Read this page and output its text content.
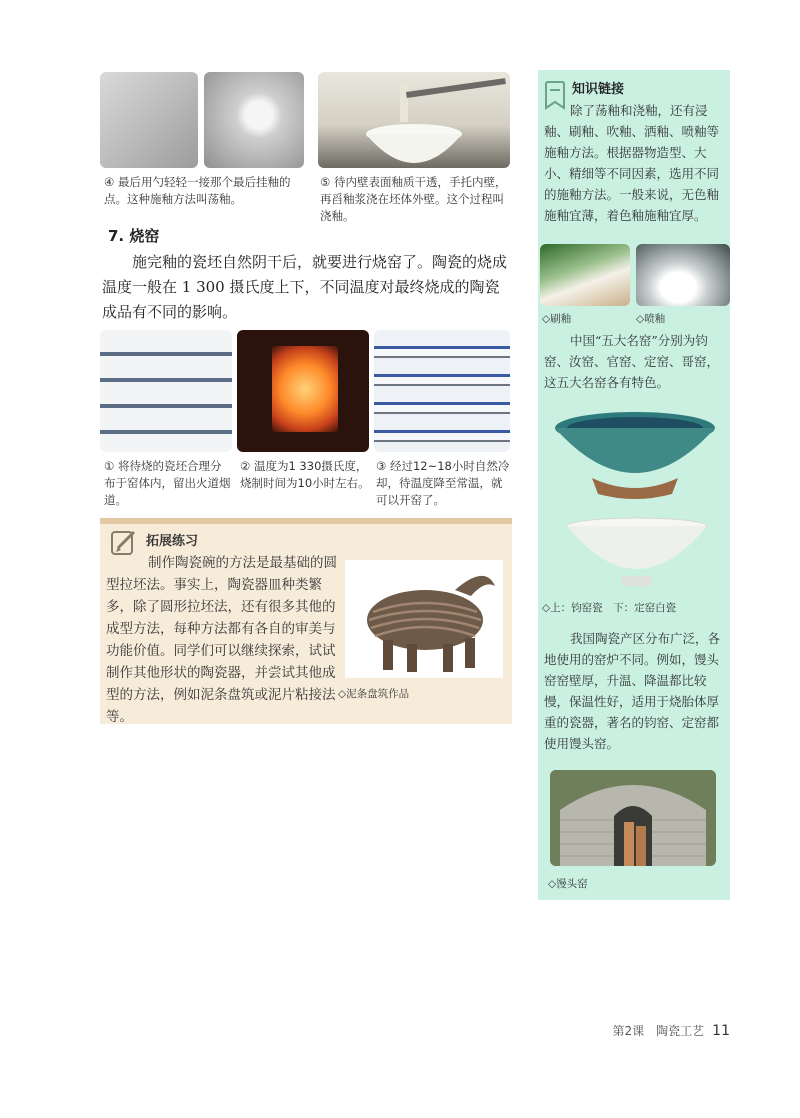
④ 最后用勺轻轻一接那个最后挂釉的点。这种施釉方法叫荡釉。
⑤ 待内壁表面釉质干透，手托内壁，再舀釉浆浇在坯体外壁。这个过程叫浇釉。
7. 烧窑
施完釉的瓷坯自然阴干后，就要进行烧窑了。陶瓷的烧成温度一般在 1 300 摄氏度上下，不同温度对最终烧成的陶瓷成品有不同的影响。
① 将待烧的瓷坯合理分布于窑体内，留出火道烟道。
② 温度为1 330摄氏度，烧制时间为10小时左右。
③ 经过12~18小时自然冷却，待温度降至常温，就可以开窑了。
拓展练习
制作陶瓷碗的方法是最基础的圆型拉坯法。事实上，陶瓷器皿种类繁多，除了圆形拉坯法，还有很多其他的成型方法，每种方法都有各自的审美与功能价值。同学们可以继续探索，试试制作其他形状的陶瓷器，并尝试其他成型的方法，例如泥条盘筑或泥片粘接法等。
◇泥条盘筑作品
知识链接
除了荡釉和浇釉，还有浸釉、刷釉、吹釉、洒釉、喷釉等施釉方法。根据器物造型、大小、精细等不同因素，选用不同的施釉方法。一般来说，无色釉施釉宜薄，着色釉施釉宜厚。
◇刷釉	◇喷釉
中国“五大名窑”分别为钧窑、汝窑、官窑、定窑、哥窑，这五大名窑各有特色。
◇上：钧窑瓷　下：定窑白瓷
我国陶瓷产区分布广泛，各地使用的窑炉不同。例如，馒头窑窑壁厚，升温、降温都比较慢，保温性好，适用于烧胎体厚重的瓷器，著名的钧窑、定窑都使用馒头窑。
◇馒头窑
第2课　陶瓷工艺 11
